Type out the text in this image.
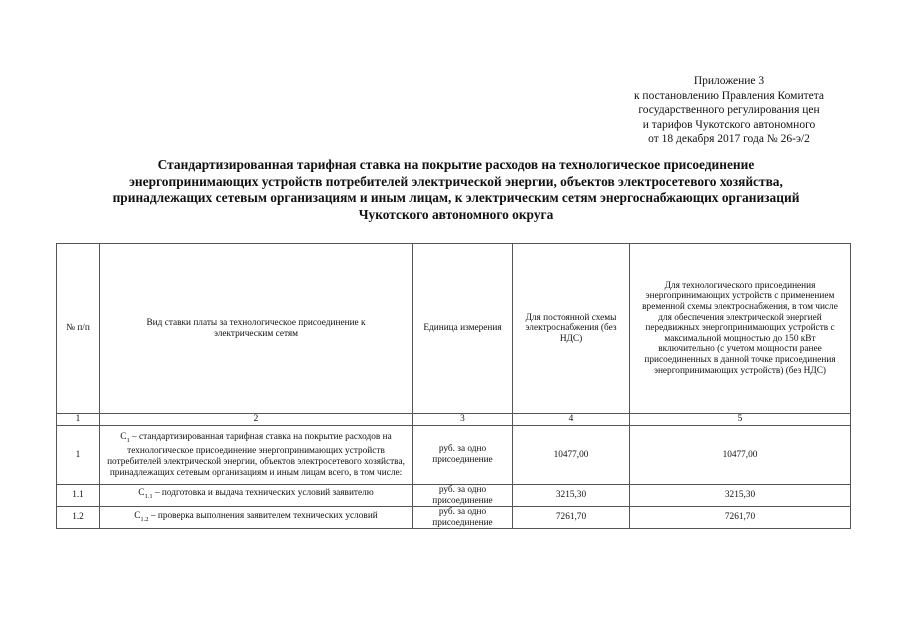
Приложение 3
к постановлению Правления Комитета
государственного регулирования цен
и тарифов Чукотского автономного
от 18 декабря 2017 года № 26-э/2
Стандартизированная тарифная ставка на покрытие расходов на технологическое присоединение
энергопринимающих устройств потребителей электрической энергии, объектов электросетевого хозяйства,
принадлежащих сетевым организациям и иным лицам, к электрическим сетям энергоснабжающих организаций
Чукотского автономного округа
№ п/п	Вид ставки платы за технологическое присоединение к электрическим сетям	Единица измерения	Для постоянной схемы электроснабжения (без НДС)	Для технологического присоединения энергопринимающих устройств с применением временной схемы электроснабжения, в том числе для обеспечения электрической энергией передвижных энергопринимающих устройств с максимальной мощностью до 150 кВт включительно (с учетом мощности ранее присоединенных в данной точке присоединения энергопринимающих устройств) (без НДС)
1	2	3	4	5
1	$С_1$ – стандартизированная тарифная ставка на покрытие расходов на технологическое присоединение энергопринимающих устройств потребителей электрической энергии, объектов электросетевого хозяйства, принадлежащих сетевым организациям и иным лицам всего, в том числе:	руб. за одно присоединение	10477,00	10477,00
1.1	$С_{1.1}$ – подготовка и выдача технических условий заявителю	руб. за одно присоединение	3215,30	3215,30
1.2	$С_{1.2}$ – проверка выполнения заявителем технических условий	руб. за одно присоединение	7261,70	7261,70
